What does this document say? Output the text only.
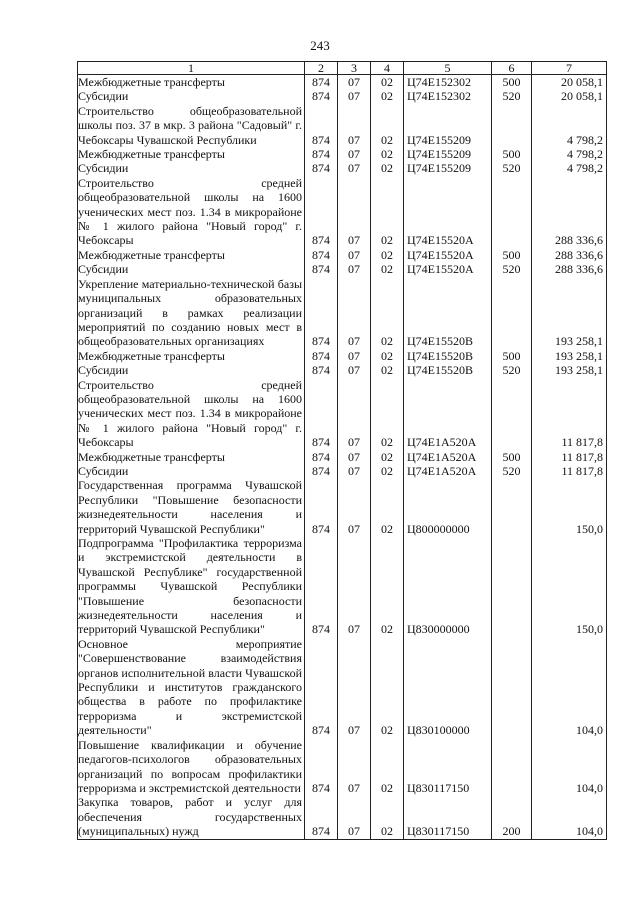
243
1	2	3	4	5	6	7
Межбюджетные трансферты	874	07	02	Ц74Е152302	500	20 058,1
Субсидии	874	07	02	Ц74Е152302	520	20 058,1
Строительство общеобразовательной школы поз. 37 в мкр. 3 района "Садовый" г. Чебоксары Чувашской Республики	874	07	02	Ц74Е155209		4 798,2
Межбюджетные трансферты	874	07	02	Ц74Е155209	500	4 798,2
Субсидии	874	07	02	Ц74Е155209	520	4 798,2
Строительство средней общеобразовательной школы на 1600 ученических мест поз. 1.34 в микрорайоне № 1 жилого района "Новый город" г. Чебоксары	874	07	02	Ц74Е15520А		288 336,6
Межбюджетные трансферты	874	07	02	Ц74Е15520А	500	288 336,6
Субсидии	874	07	02	Ц74Е15520А	520	288 336,6
Укрепление материально-технической базы муниципальных образовательных организаций в рамках реализации мероприятий по созданию новых мест в общеобразовательных организациях	874	07	02	Ц74Е15520В		193 258,1
Межбюджетные трансферты	874	07	02	Ц74Е15520В	500	193 258,1
Субсидии	874	07	02	Ц74Е15520В	520	193 258,1
Строительство средней общеобразовательной школы на 1600 ученических мест поз. 1.34 в микрорайоне № 1 жилого района "Новый город" г. Чебоксары	874	07	02	Ц74Е1А520А		11 817,8
Межбюджетные трансферты	874	07	02	Ц74Е1А520А	500	11 817,8
Субсидии	874	07	02	Ц74Е1А520А	520	11 817,8
Государственная программа Чувашской Республики "Повышение безопасности жизнедеятельности населения и территорий Чувашской Республики"	874	07	02	Ц800000000		150,0
Подпрограмма "Профилактика терроризма и экстремистской деятельности в Чувашской Республике" государственной программы Чувашской Республики "Повышение безопасности жизнедеятельности населения и территорий Чувашской Республики"	874	07	02	Ц830000000		150,0
Основное мероприятие "Совершенствование взаимодействия органов исполнительной власти Чувашской Республики и институтов гражданского общества в работе по профилактике терроризма и экстремистской деятельности"	874	07	02	Ц830100000		104,0
Повышение квалификации и обучение педагогов-психологов образовательных организаций по вопросам профилактики терроризма и экстремистской деятельности	874	07	02	Ц830117150		104,0
Закупка товаров, работ и услуг для обеспечения государственных (муниципальных) нужд	874	07	02	Ц830117150	200	104,0
